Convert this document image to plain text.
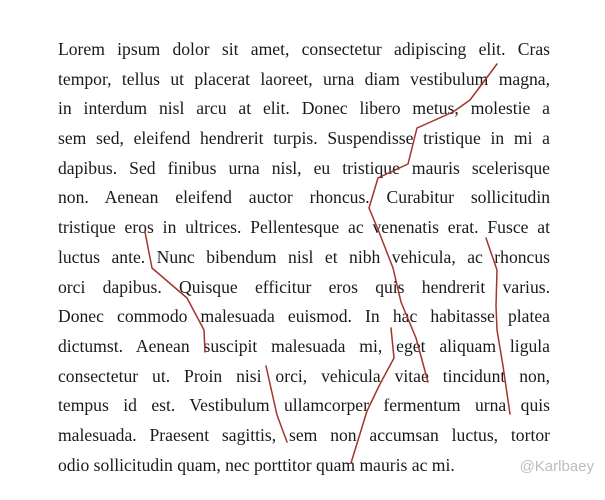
Lorem ipsum dolor sit amet, consectetur adipiscing elit. Cras
tempor, tellus ut placerat laoreet, urna diam vestibulum magna,
in interdum nisl arcu at elit. Donec libero metus, molestie a
sem sed, eleifend hendrerit turpis. Suspendisse tristique in mi a
dapibus. Sed finibus urna nisl, eu tristique mauris scelerisque
non. Aenean eleifend auctor rhoncus. Curabitur sollicitudin
tristique eros in ultrices. Pellentesque ac venenatis erat. Fusce at
luctus ante. Nunc bibendum nisl et nibh vehicula, ac rhoncus
orci dapibus. Quisque efficitur eros quis hendrerit varius.
Donec commodo malesuada euismod. In hac habitasse platea
dictumst. Aenean suscipit malesuada mi, eget aliquam ligula
consectetur ut. Proin nisi orci, vehicula vitae tincidunt non,
tempus id est. Vestibulum ullamcorper fermentum urna quis
malesuada. Praesent sagittis, sem non accumsan luctus, tortor
odio sollicitudin quam, nec porttitor quam mauris ac mi.	@Karlbaey
